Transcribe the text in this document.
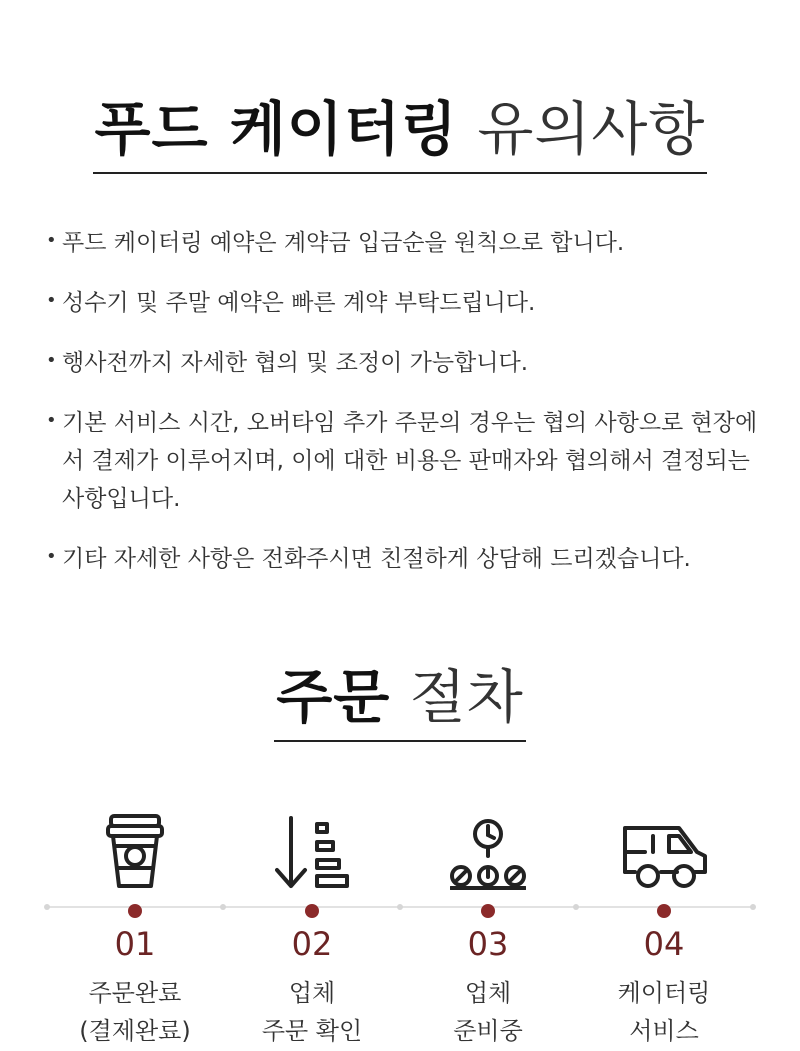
푸드 케이터링 유의사항
• 푸드 케이터링 예약은 계약금 입금순을 원칙으로 합니다.
• 성수기 및 주말 예약은 빠른 계약 부탁드립니다.
• 행사전까지 자세한 협의 및 조정이 가능합니다.
• 기본 서비스 시간, 오버타임 추가 주문의 경우는 협의 사항으로 현장에서 결제가 이루어지며, 이에 대한 비용은 판매자와 협의해서 결정되는 사항입니다.
• 기타 자세한 사항은 전화주시면 친절하게 상담해 드리겠습니다.
주문 절차
01
주문완료
(결제완료)
02
업체
주문 확인
03
업체
준비중
04
케이터링
서비스
